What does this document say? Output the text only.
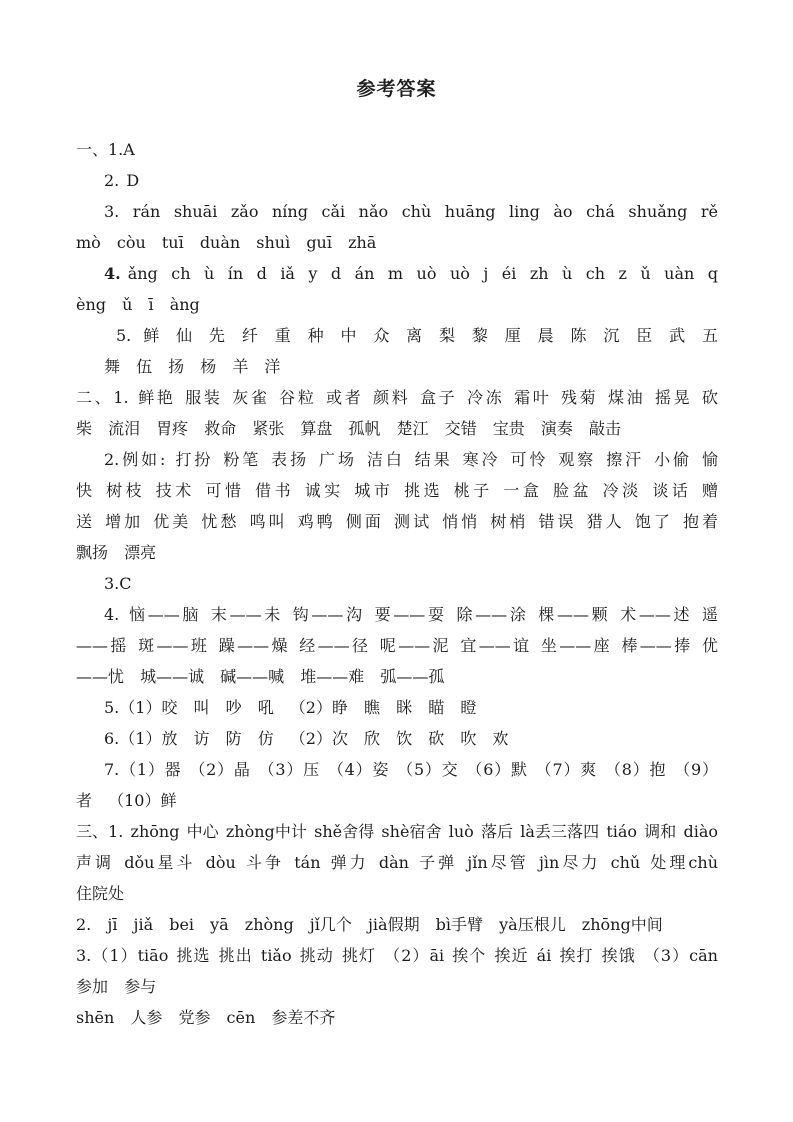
参考答案
一、1.A
2. D
3. rán shuāi zǎo níng cǎi nǎo chù huāng ling ào chá shuǎng rě
mò còu tuī duàn shuì guī zhā
4. ǎng ch ù ín d iǎ y d án m uò uò j éi zh ù ch z ǔ uàn q
èng ǔ ī àng
5. 鲜 仙 先 纤 重 种 中 众 离 梨 黎 厘 晨 陈 沉 臣 武 五
舞 伍 扬 杨 羊 洋
二、1. 鲜艳 服装 灰雀 谷粒 或者 颜料 盒子 冷冻 霜叶 残菊 煤油 摇晃 砍
柴 流泪 胃疼 救命 紧张 算盘 孤帆 楚江 交错 宝贵 演奏 敲击
2.例如: 打扮 粉笔 表扬 广场 洁白 结果 寒冷 可怜 观察 擦汗 小偷 愉
快 树枝 技术 可惜 借书 诚实 城市 挑选 桃子 一盒 脸盆 冷淡 谈话 赠
送 增加 优美 忧愁 鸣叫 鸡鸭 侧面 测试 悄悄 树梢 错误 猎人 饱了 抱着
飘扬 漂亮
3.C
4. 恼——脑 末——未 钩——沟 要——耍 除——涂 棵——颗 术——述 遥
——摇 斑——班 躁——燥 经——径 呢——泥 宜——谊 坐——座 棒——捧 优
——忧 城——诚 碱——喊 堆——难 弧——孤
5.（1）咬 叫 吵 吼 （2）睁 瞧 眯 瞄 瞪
6.（1）放 访 防 仿 （2）次 欣 饮 砍 吹 欢
7.（1）器 （2）晶 （3）压 （4）姿 （5）交 （6）默 （7）爽 （8）抱 （9）
者 （10）鲜
三、1. zhōng 中心 zhòng中计 shě舍得 shè宿舍 luò 落后 là丢三落四 tiáo 调和 diào
声调 dǒu星斗 dòu 斗争 tán 弹力 dàn 子弹 jǐn尽管 jìn尽力 chǔ 处理chù
住院处
2. jī jiǎ bei yā zhòng jǐ几个 jià假期 bì手臂 yà压根儿 zhōng中间
3.（1）tiāo 挑选 挑出 tiǎo 挑动 挑灯 （2）āi 挨个 挨近 ái 挨打 挨饿 （3）cān
参加 参与
shēn 人参 党参 cēn 参差不齐
